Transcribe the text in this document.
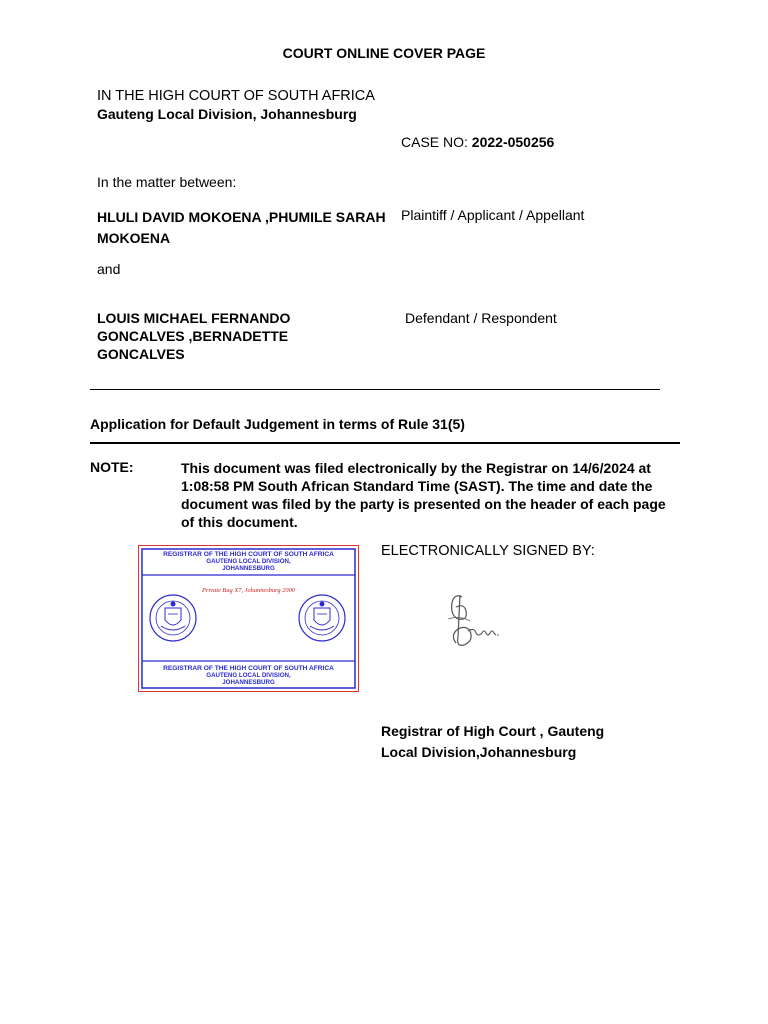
COURT ONLINE COVER PAGE
IN THE HIGH COURT OF SOUTH AFRICA
Gauteng Local Division, Johannesburg
CASE NO: 2022-050256
In the matter between:
HLULI DAVID MOKOENA ,PHUMILE SARAH MOKOENA
Plaintiff / Applicant / Appellant
and
LOUIS MICHAEL FERNANDO GONCALVES ,BERNADETTE GONCALVES
Defendant / Respondent
Application for Default Judgement in terms of Rule 31(5)
NOTE:	This document was filed electronically by the Registrar on 14/6/2024 at 1:08:58 PM South African Standard Time (SAST). The time and date the document was filed by the party is presented on the header of each page of this document.
REGISTRAR OF THE HIGH COURT OF SOUTH AFRICA
GAUTENG LOCAL DIVISION,
JOHANNESBURG
Private Bag X7, Johannesburg 2000
REGISTRAR OF THE HIGH COURT OF SOUTH AFRICA
GAUTENG LOCAL DIVISION,
JOHANNESBURG
ELECTRONICALLY SIGNED BY:
Registrar of High Court , Gauteng Local Division,Johannesburg
